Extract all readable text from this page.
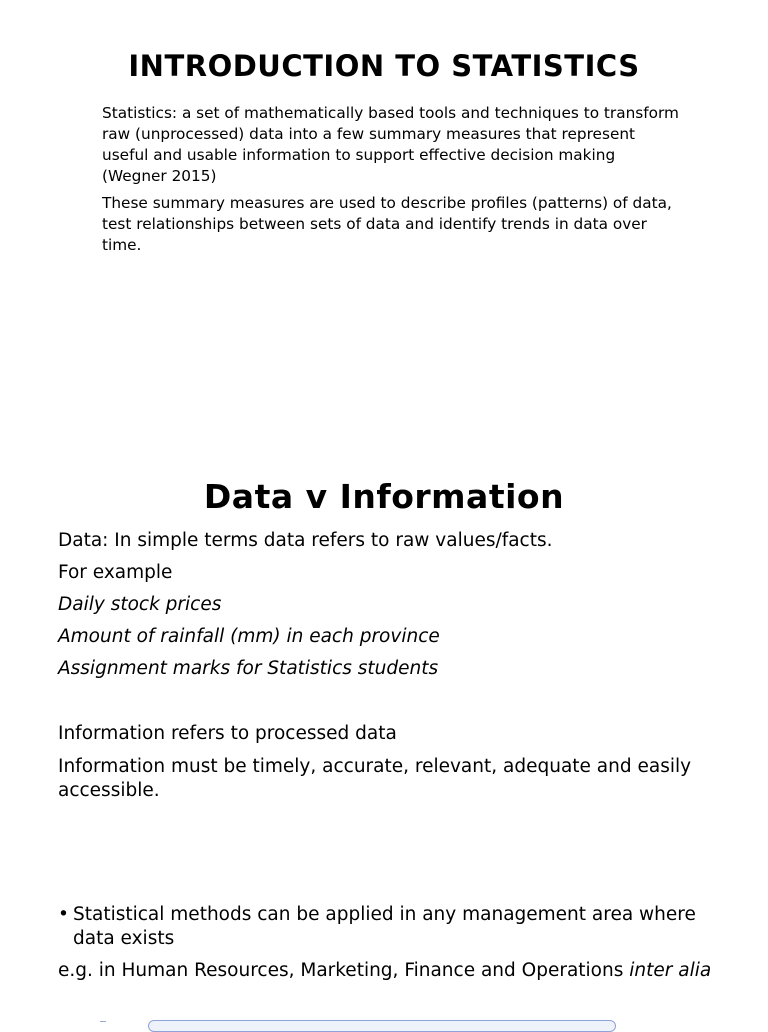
INTRODUCTION TO STATISTICS

Statistics: a set of mathematically based tools and techniques to transform raw (unprocessed) data into a few summary measures that represent useful and usable information to support effective decision making (Wegner 2015)

These summary measures are used to describe profiles (patterns) of data, test relationships between sets of data and identify trends in data over time.

Data v Information
Data: In simple terms data refers to raw values/facts.
For example
Daily stock prices
Amount of rainfall (mm) in each province
Assignment marks for Statistics students
Information refers to processed data
Information must be timely, accurate, relevant, adequate and easily accessible.
• Statistical methods can be applied in any management area where data exists
e.g. in Human Resources, Marketing, Finance and Operations inter alia
